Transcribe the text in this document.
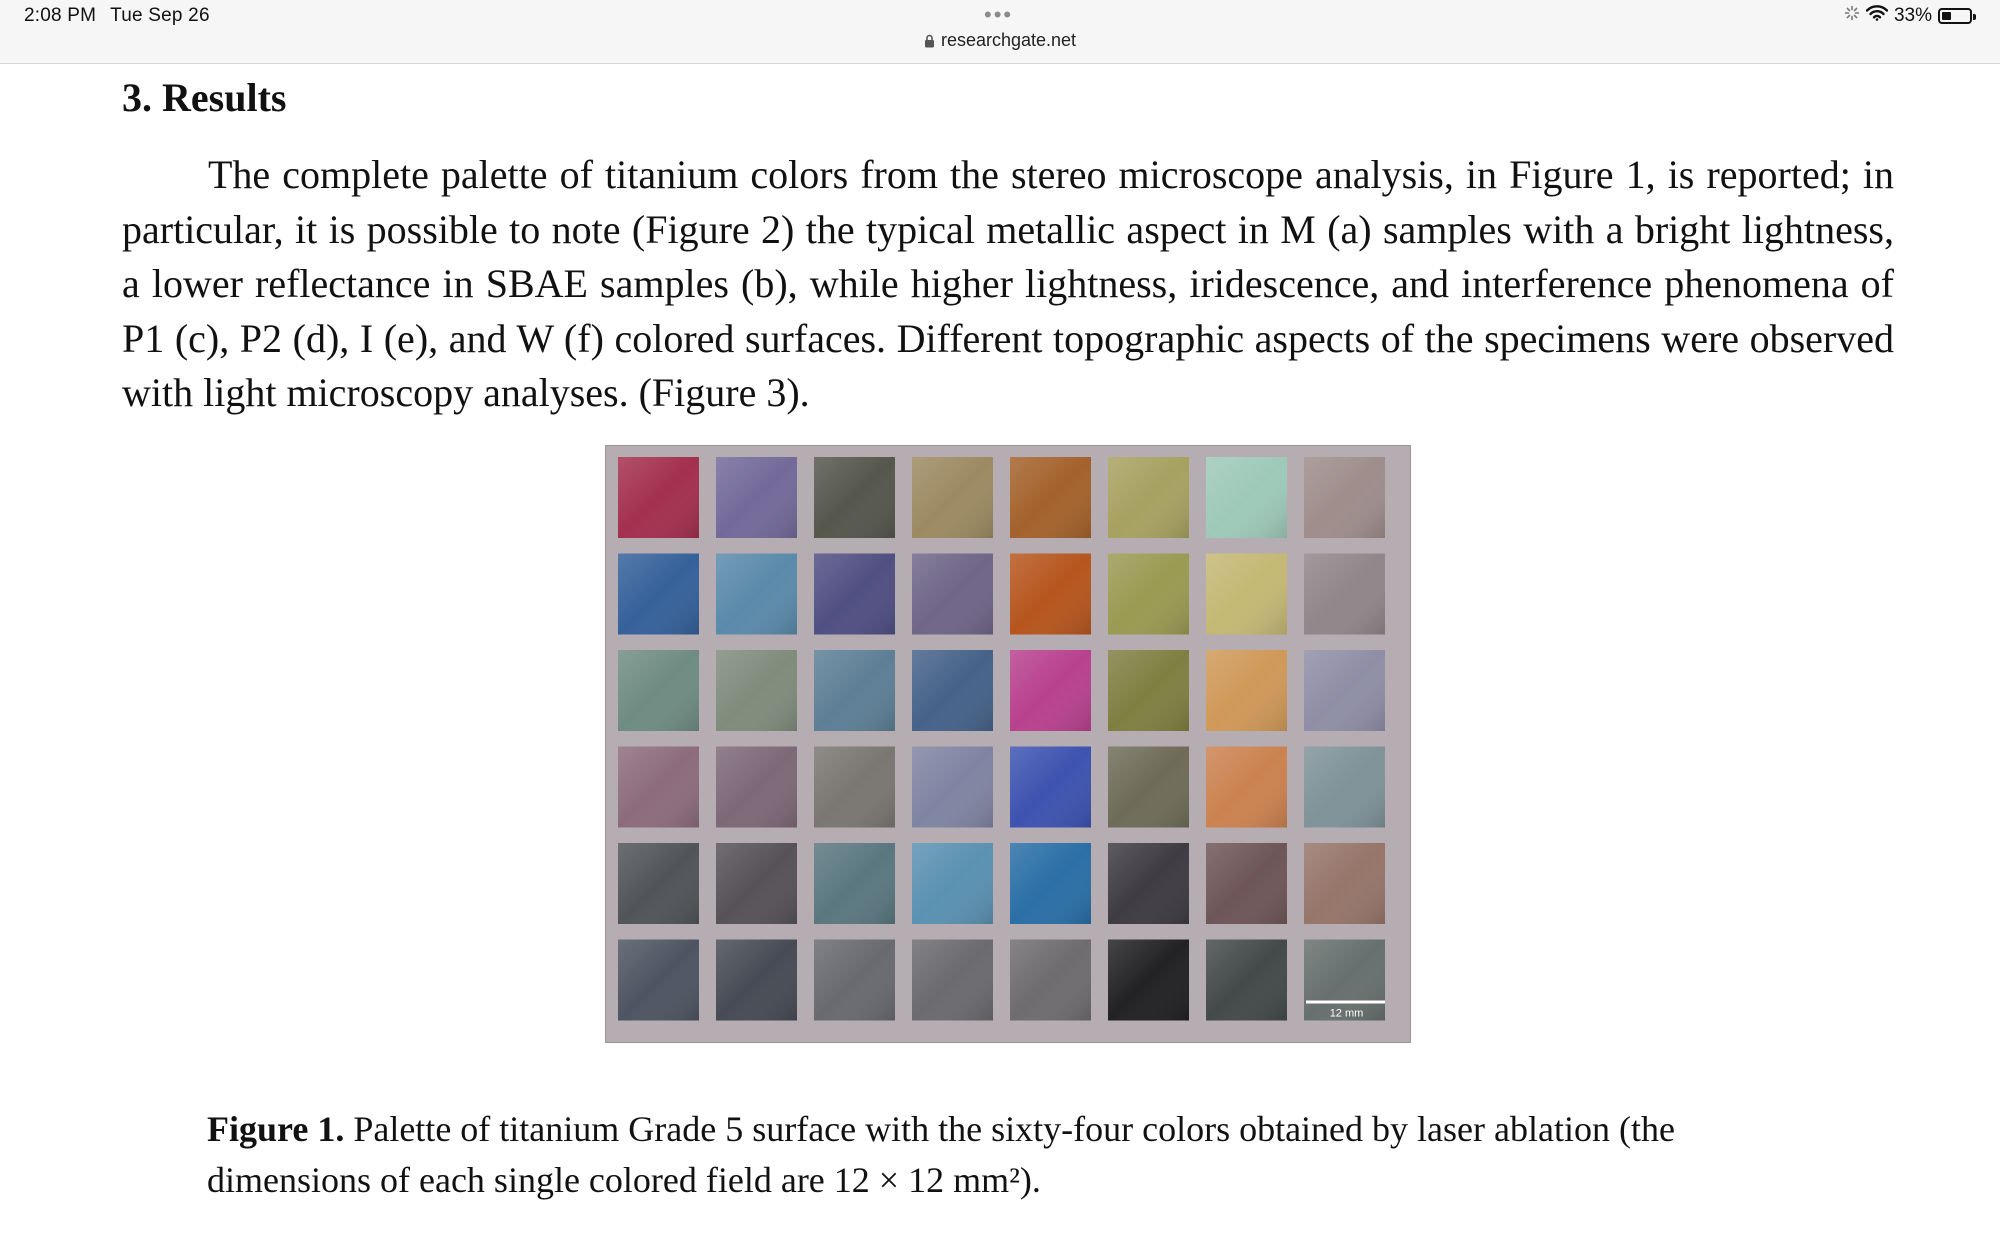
2:08 PM Tue Sep 26	•••
researchgate.net
33%
3. Results

The complete palette of titanium colors from the stereo microscope analysis, in Figure 1, is reported; in particular, it is possible to note (Figure 2) the typical metallic aspect in M (a) samples with a bright lightness, a lower reflectance in SBAE samples (b), while higher lightness, iridescence, and interference phenomena of P1 (c), P2 (d), I (e), and W (f) colored surfaces. Different topographic aspects of the specimens were observed with light microscopy analyses. (Figure 3).

12 mm

Figure 1. Palette of titanium Grade 5 surface with the sixty-four colors obtained by laser ablation (the dimensions of each single colored field are 12 × 12 mm²).
